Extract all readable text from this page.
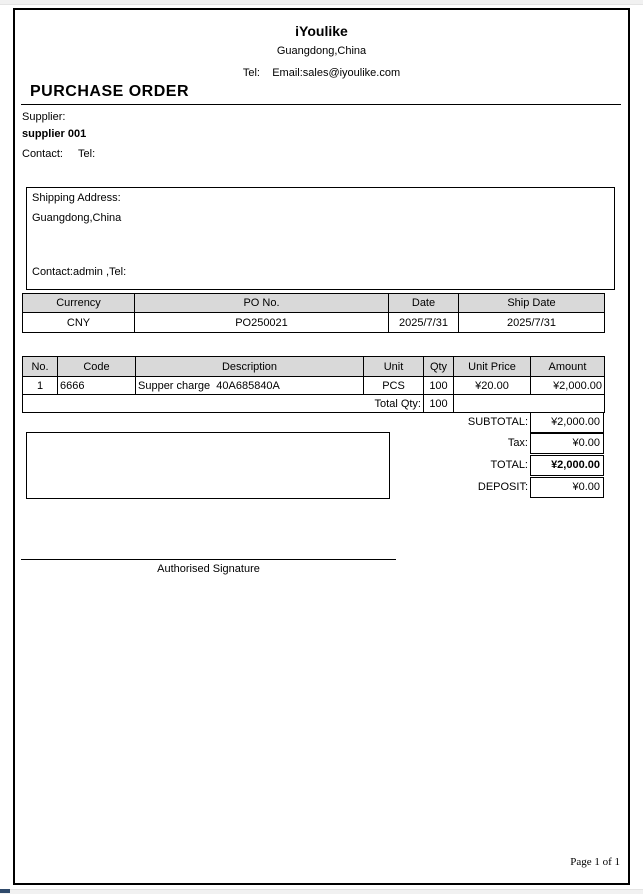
iYoulike
Guangdong,China
Tel:    Email:sales@iyoulike.com
PURCHASE ORDER
Supplier:
supplier 001
Contact:     Tel:
Shipping Address:
Guangdong,China
Contact:admin ,Tel:
Currency	PO No.	Date	Ship Date
CNY	PO250021	2025/7/31	2025/7/31
No.	Code	Description	Unit	Qty	Unit Price	Amount
1	6666	Supper charge  40A685840A	PCS	100	¥20.00	¥2,000.00
Total Qty:				100		
SUBTOTAL:	¥2,000.00
Tax:	¥0.00
TOTAL:	¥2,000.00
DEPOSIT:	¥0.00
Authorised Signature
Page 1 of 1
